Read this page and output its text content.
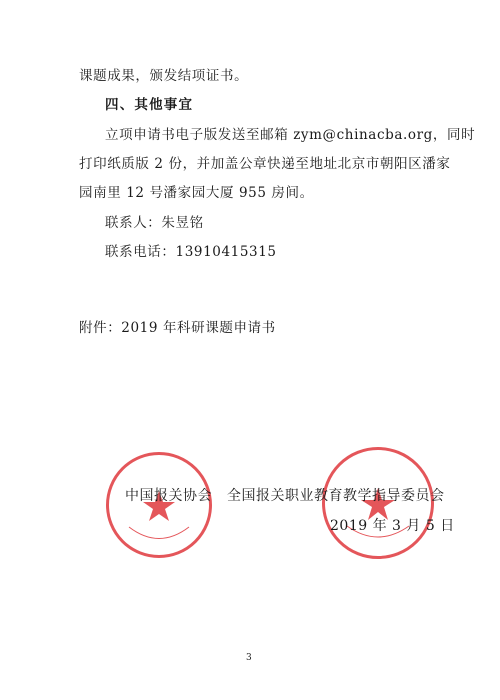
课题成果，颁发结项证书。
四、其他事宜
立项申请书电子版发送至邮箱 zym@chinacba.org，同时
打印纸质版 2 份，并加盖公章快递至地址北京市朝阳区潘家
园南里 12 号潘家园大厦 955 房间。
联系人：朱昱铭
联系电话：13910415315
附件：2019 年科研课题申请书
中国报关协会 全国报关职业教育教学指导委员会
2019 年 3 月 5 日
3
